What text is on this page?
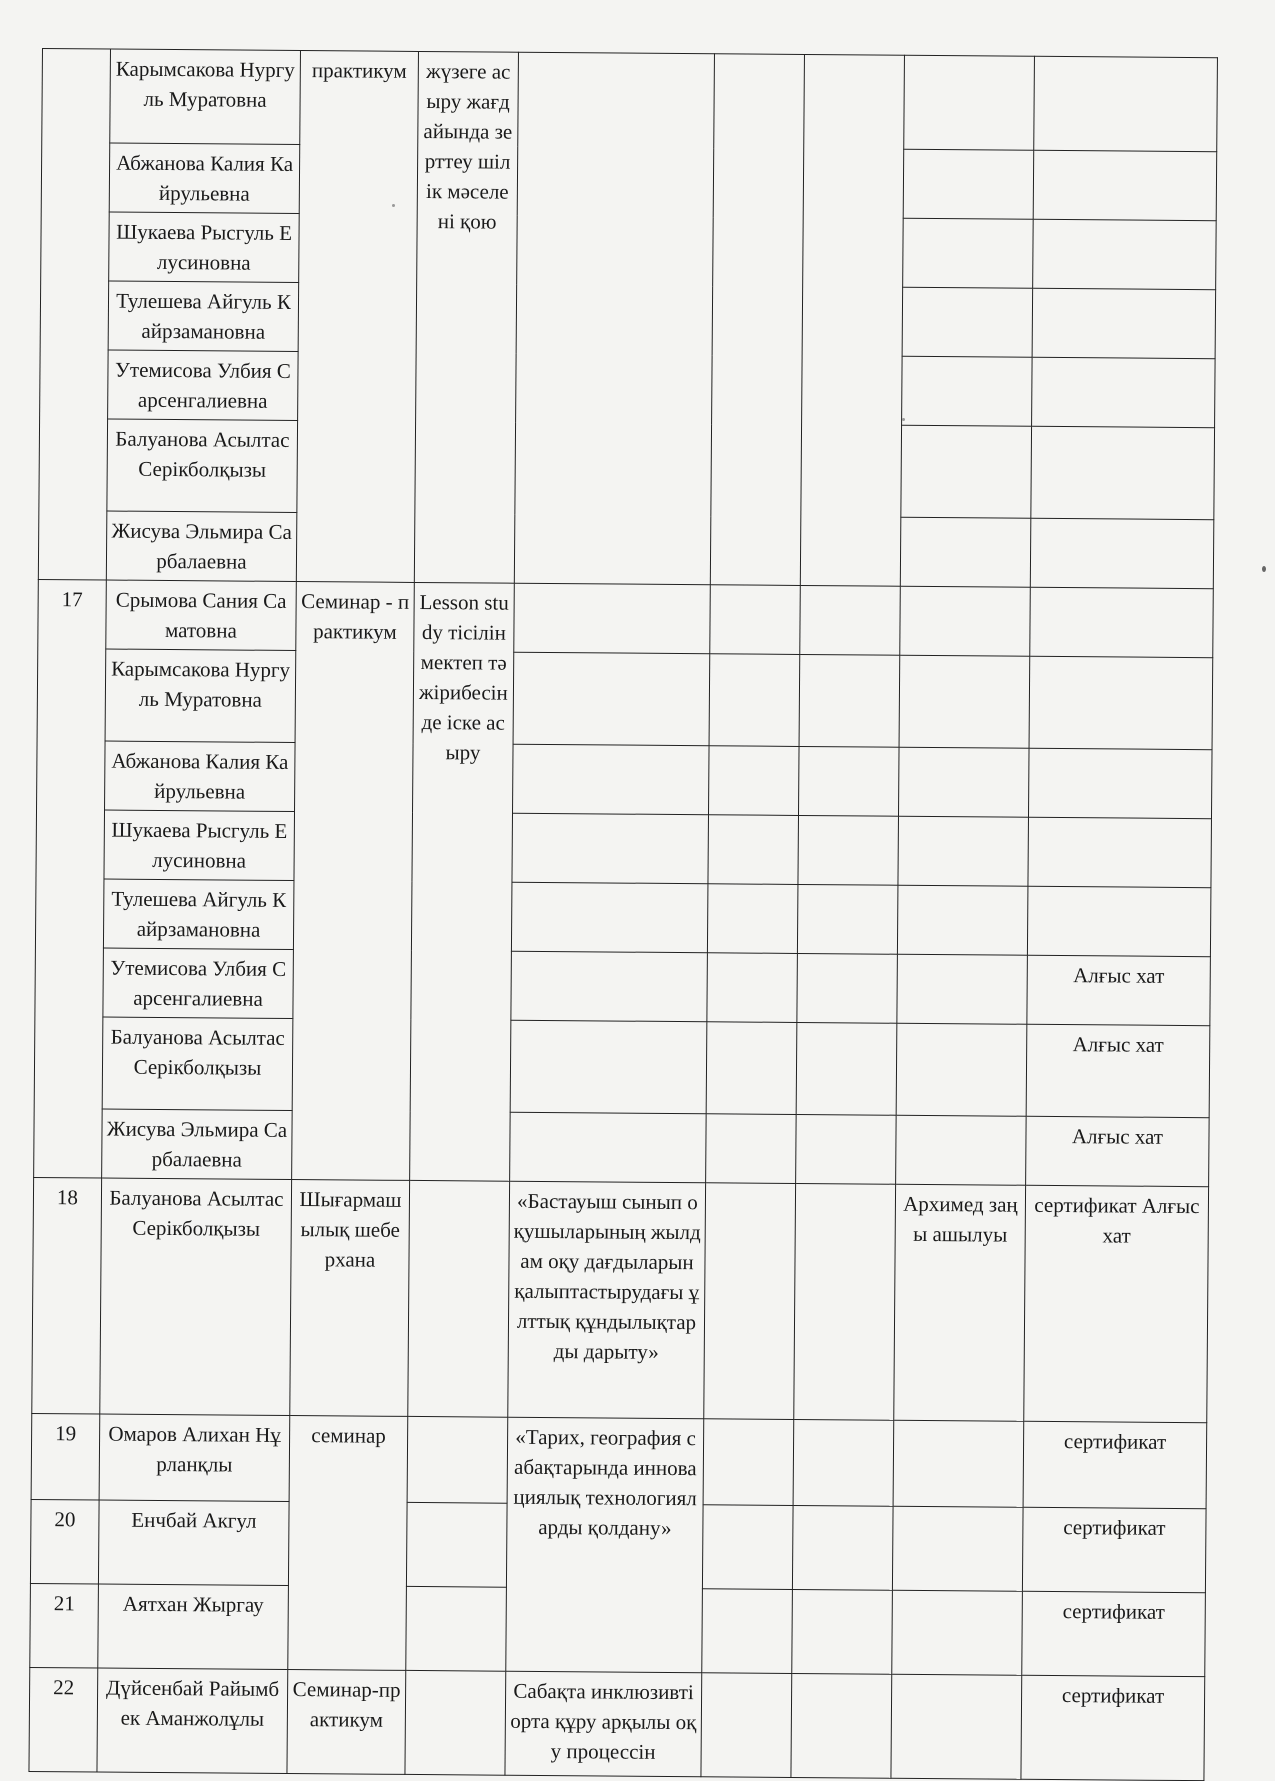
	Карымсакова Нургуль Муратовна	практикум	жүзеге асыру жағдайында зерттеу шілік мәселені қою					
	Абжанова Калия Кайрульевна							
	Шукаева Рысгуль Елусиновна							
	Тулешева Айгуль Кайрзамановна							
	Утемисова Улбия Сарсенгалиевна							
	Балуанова Асылтас Серікболқызы							
	Жисува Эльмира Сарбалаевна							
17	Срымова Сания Саматовна	Семинар - практикум	Lesson study тісілін мектеп тәжірибесінде іске асыру					
	Карымсакова Нургуль Муратовна							
	Абжанова Калия Кайрульевна							
	Шукаева Рысгуль Елусиновна							
	Тулешева Айгуль Кайрзамановна							
	Утемисова Улбия Сарсенгалиевна							Алғыс хат
	Балуанова Асылтас Серікболқызы							Алғыс хат
	Жисува Эльмира Сарбалаевна							Алғыс хат
18	Балуанова Асылтас Серікболқызы	Шығармашылық шеберхана		«Бастауыш сынып оқушыларының жылдам оқу дағдыларын қалыптастырудағы ұлттық құндылықтарды дарыту»			Архимед заңы ашылуы	сертификат Алғыс хат
19	Омаров Алихан Нұрланқлы	семинар		«Тарих, география сабақтарында инновациялық технологияларды қолдану»				сертификат
20	Енчбай Акгул							сертификат
21	Аятхан Жыргау							сертификат
22	Дүйсенбай Райымбек Аманжолұлы	Семинар-практикум		Сабақта инклюзивті орта құру арқылы оқу процессін				сертификат
